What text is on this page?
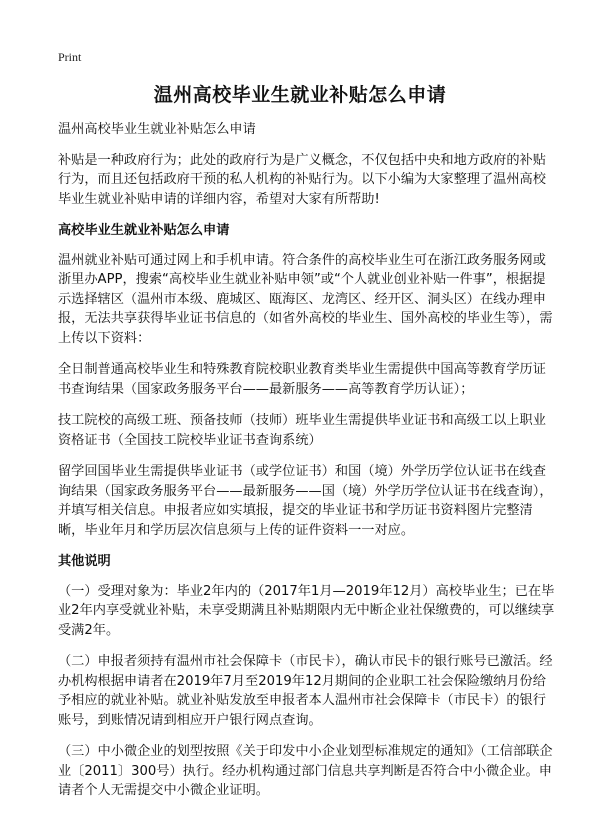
Print
温州高校毕业生就业补贴怎么申请

温州高校毕业生就业补贴怎么申请

补贴是一种政府行为；此处的政府行为是广义概念，不仅包括中央和地方政府的补贴行为，而且还包括政府干预的私人机构的补贴行为。以下小编为大家整理了温州高校毕业生就业补贴申请的详细内容，希望对大家有所帮助!

高校毕业生就业补贴怎么申请

温州就业补贴可通过网上和手机申请。符合条件的高校毕业生可在浙江政务服务网或浙里办APP，搜索“高校毕业生就业补贴申领”或“个人就业创业补贴一件事”，根据提示选择辖区（温州市本级、鹿城区、瓯海区、龙湾区、经开区、洞头区）在线办理申报，无法共享获得毕业证书信息的（如省外高校的毕业生、国外高校的毕业生等），需上传以下资料：

全日制普通高校毕业生和特殊教育院校职业教育类毕业生需提供中国高等教育学历证书查询结果（国家政务服务平台——最新服务——高等教育学历认证）；

技工院校的高级工班、预备技师（技师）班毕业生需提供毕业证书和高级工以上职业资格证书（全国技工院校毕业证书查询系统）

留学回国毕业生需提供毕业证书（或学位证书）和国（境）外学历学位认证书在线查询结果（国家政务服务平台——最新服务——国（境）外学历学位认证书在线查询），并填写相关信息。申报者应如实填报，提交的毕业证书和学历证书资料图片完整清晰，毕业年月和学历层次信息须与上传的证件资料一一对应。

其他说明

（一）受理对象为：毕业2年内的（2017年1月—2019年12月）高校毕业生；已在毕业2年内享受就业补贴，未享受期满且补贴期限内无中断企业社保缴费的，可以继续享受满2年。

（二）申报者须持有温州市社会保障卡（市民卡），确认市民卡的银行账号已激活。经办机构根据申请者在2019年7月至2019年12月期间的企业职工社会保险缴纳月份给予相应的就业补贴。就业补贴发放至申报者本人温州市社会保障卡（市民卡）的银行账号，到账情况请到相应开户银行网点查询。

（三）中小微企业的划型按照《关于印发中小企业划型标准规定的通知》（工信部联企业〔2011〕300号）执行。经办机构通过部门信息共享判断是否符合中小微企业。申请者个人无需提交中小微企业证明。
